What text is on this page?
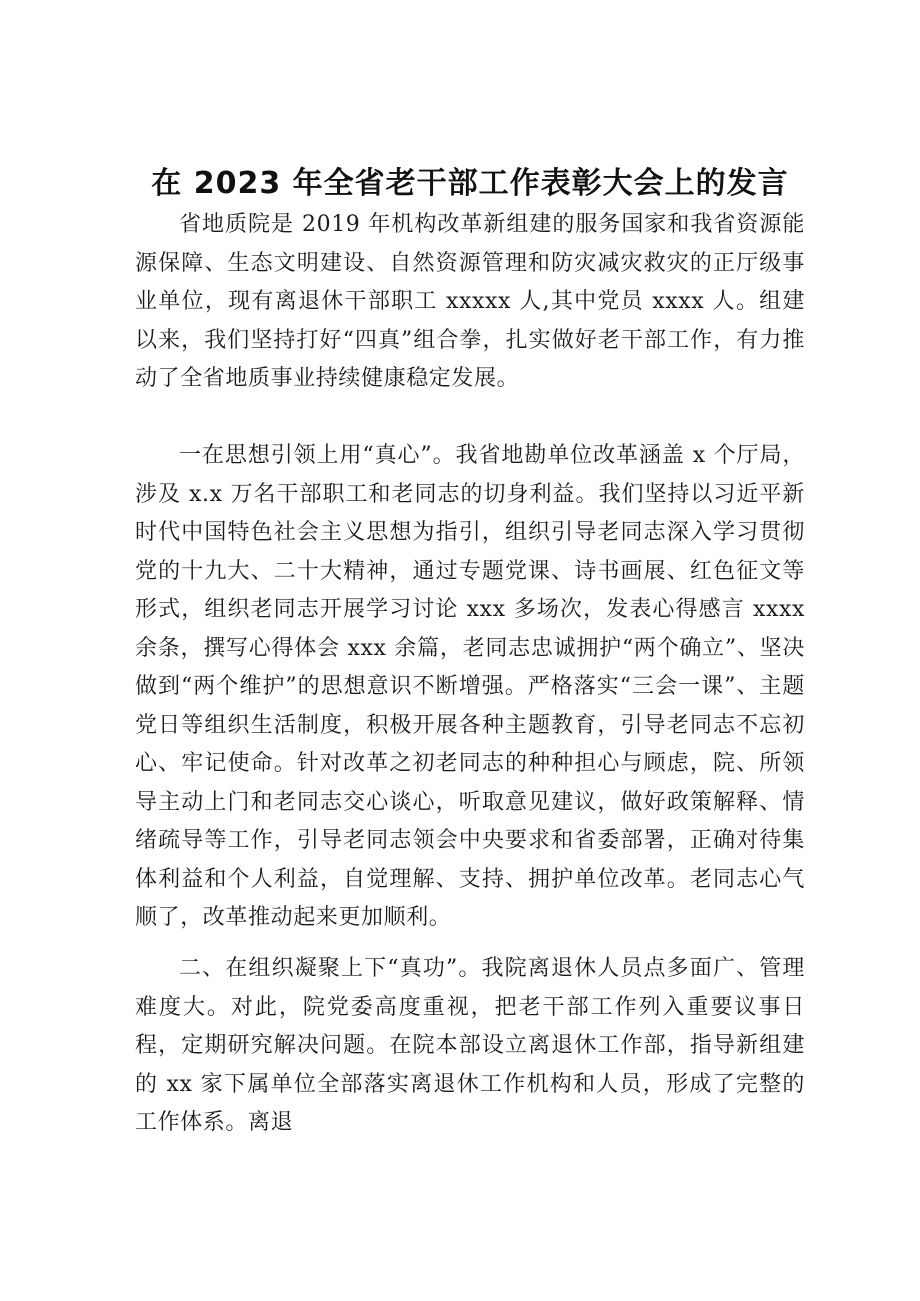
在 2023 年全省老干部工作表彰大会上的发言

省地质院是 2019 年机构改革新组建的服务国家和我省资源能源保障、生态文明建设、自然资源管理和防灾减灾救灾的正厅级事业单位，现有离退休干部职工 xxxxx 人,其中党员 xxxx 人。组建以来，我们坚持打好“四真”组合拳，扎实做好老干部工作，有力推动了全省地质事业持续健康稳定发展。

一在思想引领上用“真心”。我省地勘单位改革涵盖 x 个厅局，涉及 x.x 万名干部职工和老同志的切身利益。我们坚持以习近平新时代中国特色社会主义思想为指引，组织引导老同志深入学习贯彻党的十九大、二十大精神，通过专题党课、诗书画展、红色征文等形式，组织老同志开展学习讨论 xxx 多场次，发表心得感言 xxxx 余条，撰写心得体会 xxx 余篇，老同志忠诚拥护“两个确立”、坚决做到“两个维护”的思想意识不断增强。严格落实“三会一课”、主题党日等组织生活制度，积极开展各种主题教育，引导老同志不忘初心、牢记使命。针对改革之初老同志的种种担心与顾虑，院、所领导主动上门和老同志交心谈心，听取意见建议，做好政策解释、情绪疏导等工作，引导老同志领会中央要求和省委部署，正确对待集体利益和个人利益，自觉理解、支持、拥护单位改革。老同志心气顺了，改革推动起来更加顺利。

二、在组织凝聚上下“真功”。我院离退休人员点多面广、管理难度大。对此，院党委高度重视，把老干部工作列入重要议事日程，定期研究解决问题。在院本部设立离退休工作部，指导新组建的 xx 家下属单位全部落实离退休工作机构和人员，形成了完整的工作体系。离退
